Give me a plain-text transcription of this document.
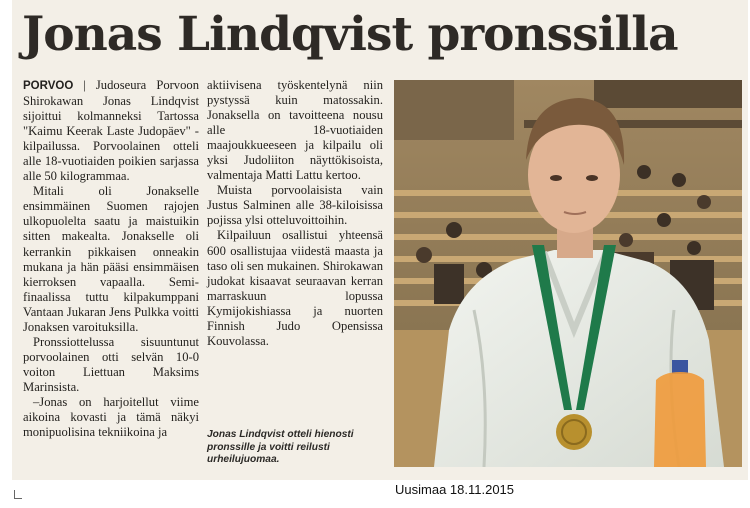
Jonas Lindqvist pronssilla

PORVOO | Judoseura Porvoon Shirokawan Jonas Lindqvist sijoittui kolmanneksi Tartossa "Kaimu Keerak Laste Judopäev" -kilpailussa. Porvoolainen otteli alle 18-vuotiaiden poikien sarjassa alle 50 kilogrammaa.

Mitali oli Jonakselle ensimmäinen Suomen rajojen ulkopuolelta saatu ja maistuikin sitten makealta. Jonakselle oli kerrankin pikkaisen onneakin mukana ja hän pääsi ensimmäisen kierroksen vapaalla. Semi-finaalissa tuttu kilpakumppani Vantaan Jukaran Jens Pulkka voitti Jonaksen varoituksilla.

Pronssiottelussa sisuuntunut porvoolainen otti selvän 10-0 voiton Liettuan Maksims Marinsista.

–Jonas on harjoitellut viime aikoina kovasti ja tämä näkyi monipuolisina tekniikoina ja

aktiivisena työskentelynä niin pystyssä kuin matossakin. Jonaksella on tavoitteena nousu alle 18-vuotiaiden maajoukkueeseen ja kilpailu oli yksi Judoliiton näyttökisoista, valmentaja Matti Lattu kertoo.

Muista porvoolaisista vain Justus Salminen alle 38-kiloisissa pojissa ylsi otteluvoittoihin.

Kilpailuun osallistui yhteensä 600 osallistujaa viidestä maasta ja taso oli sen mukainen. Shirokawan judokat kisaavat seuraavan kerran marraskuun lopussa Kymijokishiassa ja nuorten Finnish Judo Opensissa Kouvolassa.

Jonas Lindqvist otteli hienosti pronssille ja voitti reilusti urheilujuomaa.

Uusimaa 18.11.2015
